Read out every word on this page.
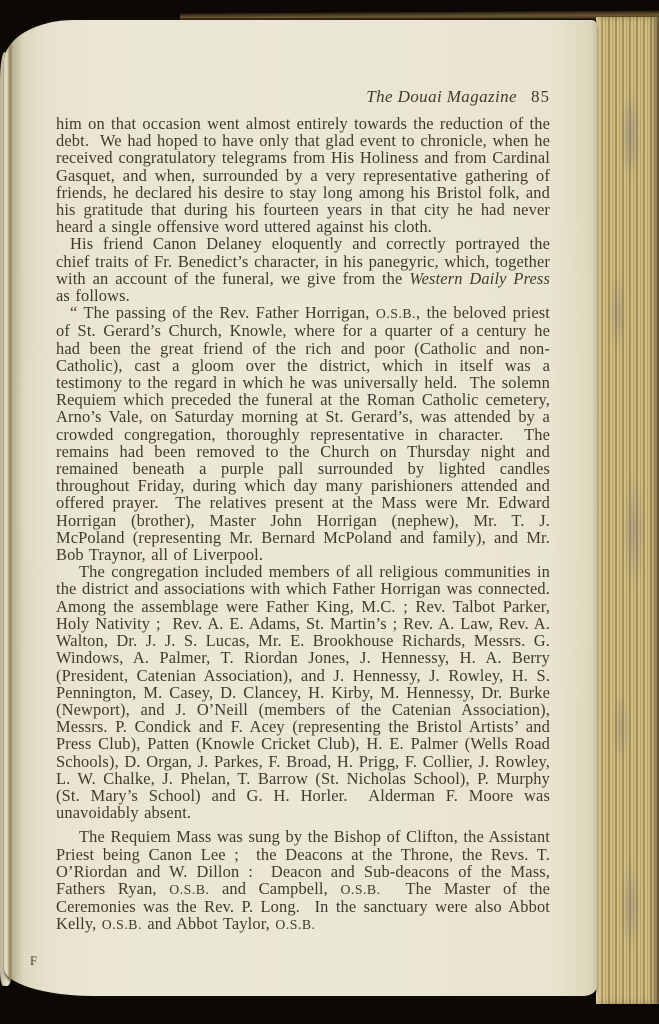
The Douai Magazine 85

him on that occasion went almost entirely towards the reduction of the debt.  We had hoped to have only that glad event to chronicle, when he received congratulatory telegrams from His Holiness and from Cardinal Gasquet, and when, surrounded by a very representative gathering of friends, he declared his desire to stay long among his Bristol folk, and his gratitude that during his fourteen years in that city he had never heard a single offensive word uttered against his cloth.

His friend Canon Delaney eloquently and correctly portrayed the chief traits of Fr. Benedict’s character, in his panegyric, which, together with an account of the funeral, we give from the Western Daily Press as follows.

“ The passing of the Rev. Father Horrigan, O.S.B., the beloved priest of St. Gerard’s Church, Knowle, where for a quarter of a century he had been the great friend of the rich and poor (Catholic and non-Catholic), cast a gloom over the district, which in itself was a testimony to the regard in which he was universally held.  The solemn Requiem which preceded the funeral at the Roman Catholic cemetery, Arno’s Vale, on Saturday morning at St. Gerard’s, was attended by a crowded congregation, thoroughly representative in character.  The remains had been removed to the Church on Thursday night and remained beneath a purple pall surrounded by lighted candles throughout Friday, during which day many parishioners attended and offered prayer.  The relatives present at the Mass were Mr. Edward Horrigan (brother), Master John Horrigan (nephew), Mr. T. J. McPoland (representing Mr. Bernard McPoland and family), and Mr. Bob Traynor, all of Liverpool.

The congregation included members of all religious communities in the district and associations with which Father Horrigan was connected.  Among the assemblage were Father King, M.C. ; Rev. Talbot Parker, Holy Nativity ;  Rev. A. E. Adams, St. Martin’s ; Rev. A. Law, Rev. A. Walton, Dr. J. J. S. Lucas, Mr. E. Brookhouse Richards, Messrs. G. Windows, A. Palmer, T. Riordan Jones, J. Hennessy, H. A. Berry (President, Catenian Association), and J. Hennessy, J. Rowley, H. S. Pennington, M. Casey, D. Clancey, H. Kirby, M. Hennessy, Dr. Burke (Newport), and J. O’Neill (members of the Catenian Association), Messrs. P. Condick and F. Acey (representing the Bristol Artists’ and Press Club), Patten (Knowle Cricket Club), H. E. Palmer (Wells Road Schools), D. Organ, J. Parkes, F. Broad, H. Prigg, F. Collier, J. Rowley, L. W. Chalke, J. Phelan, T. Barrow (St. Nicholas School), P. Murphy (St. Mary’s School) and G. H. Horler.  Alderman F. Moore was unavoidably absent.

The Requiem Mass was sung by the Bishop of Clifton, the Assistant Priest being Canon Lee ;  the Deacons at the Throne, the Revs. T. O’Riordan and W. Dillon :  Deacon and Sub-deacons of the Mass, Fathers Ryan, O.S.B. and Campbell, O.S.B.  The Master of the Ceremonies was the Rev. P. Long.  In the sanctuary were also Abbot Kelly, O.S.B. and Abbot Taylor, O.S.B.

F
